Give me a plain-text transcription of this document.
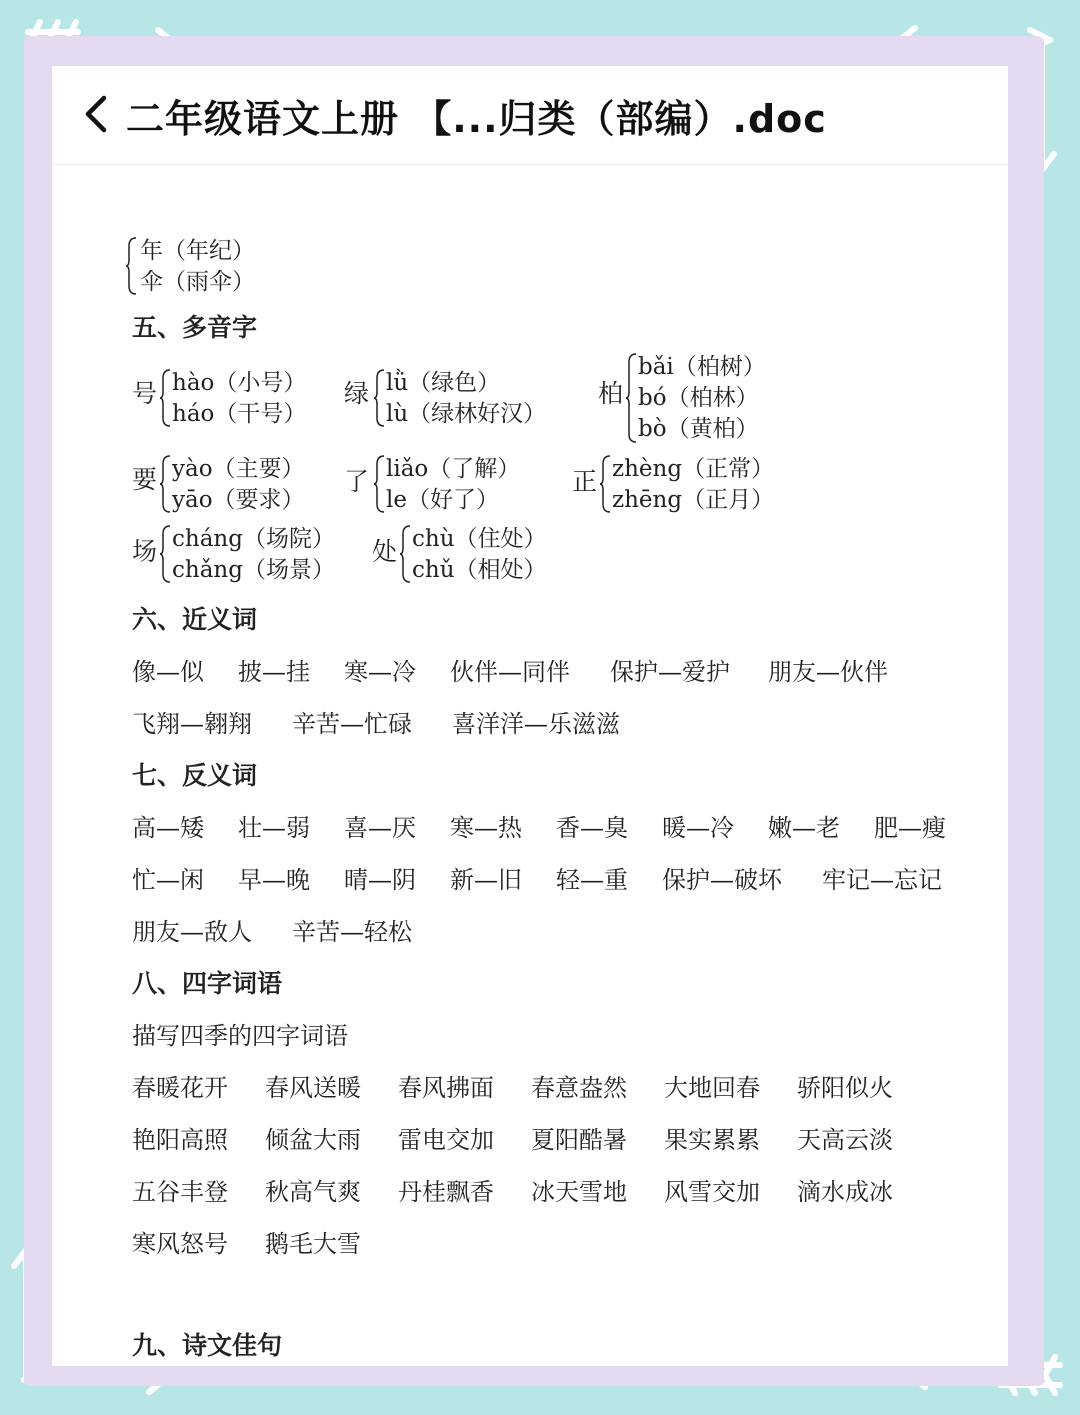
二年级语文上册 【...归类（部编）.doc
年（年纪）
伞（雨伞）
五、多音字
号 hào（小号）
háo（干号）
绿 lǜ（绿色）
lù（绿林好汉）
柏
bǎi（柏树）
bó（柏林）
bò（黄柏）
要 yào（主要）
yāo（要求）
了 liǎo（了解）
le（好了）
正 zhèng（正常）
zhēng（正月）
场 cháng（场院）
chǎng（场景）
处 chù（住处）
chǔ（相处）
六、近义词
像—似 披—挂 寒—冷 伙伴—同伴 保护—爱护 朋友—伙伴
飞翔—翱翔 辛苦—忙碌 喜洋洋—乐滋滋
七、反义词
高—矮 壮—弱 喜—厌 寒—热 香—臭 暖—冷 嫩—老 肥—瘦
忙—闲 早—晚 晴—阴 新—旧 轻—重 保护—破坏 牢记—忘记
朋友—敌人 辛苦—轻松
八、四字词语
描写四季的四字词语
春暖花开 春风送暖 春风拂面 春意盎然 大地回春 骄阳似火
艳阳高照 倾盆大雨 雷电交加 夏阳酷暑 果实累累 天高云淡
五谷丰登 秋高气爽 丹桂飘香 冰天雪地 风雪交加 滴水成冰
寒风怒号 鹅毛大雪
九、诗文佳句
